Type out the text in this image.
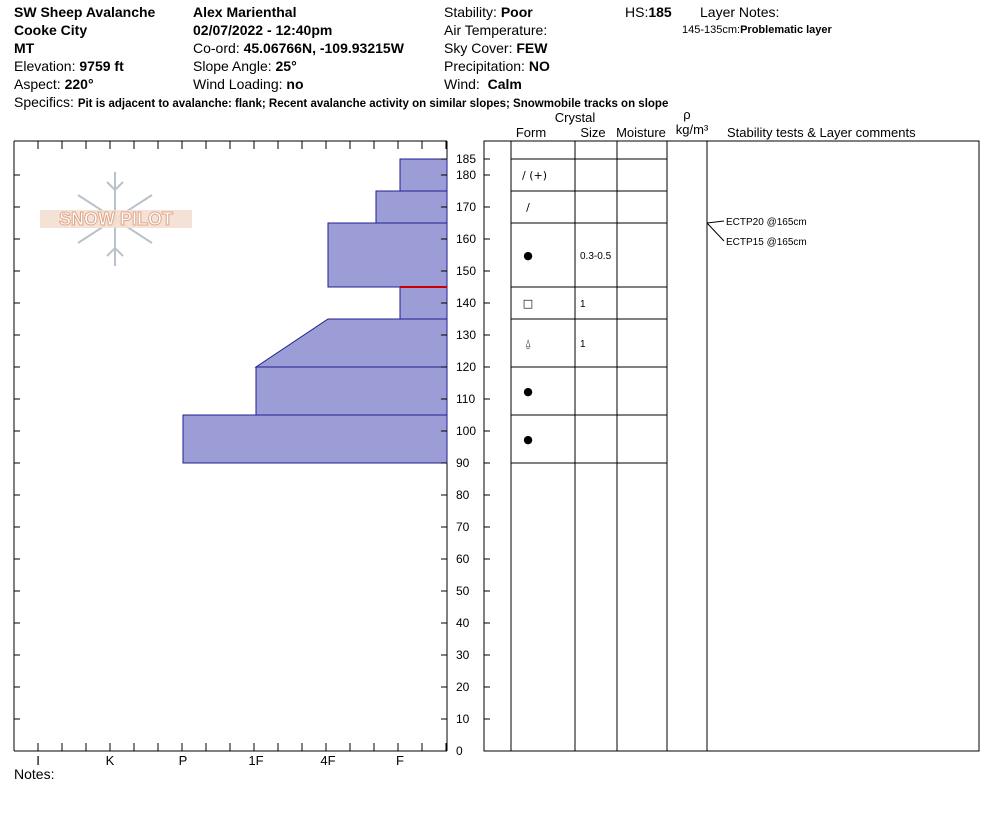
SW Sheep Avalanche
Cooke City
MT
Elevation: 9759 ft
Aspect: 220°
Alex Marienthal
02/07/2022 - 12:40pm
Co-ord: 45.06766N, -109.93215W
Slope Angle: 25°
Wind Loading: no
Stability: Poor
Air Temperature:
Sky Cover: FEW
Precipitation: NO
Wind: Calm
HS:185 Layer Notes:
145-135cm:Problematic layer
Specifics: Pit is adjacent to avalanche: flank; Recent avalanche activity on similar slopes; Snowmobile tracks on slope
0
10
20
30
40
50
60
70
80
90
100
110
120
130
140
150
160
170
180
185
I	K	P	1F	4F	F
Crystal
Form	Size Moisture
ρ
kg/m³ Stability tests & Layer comments
/ (+)
/
●	0.3-0.5
□	1
⍙	1
●
●
ECTP20 @165cm
ECTP15 @165cm
SNOW PILOT
Notes:
